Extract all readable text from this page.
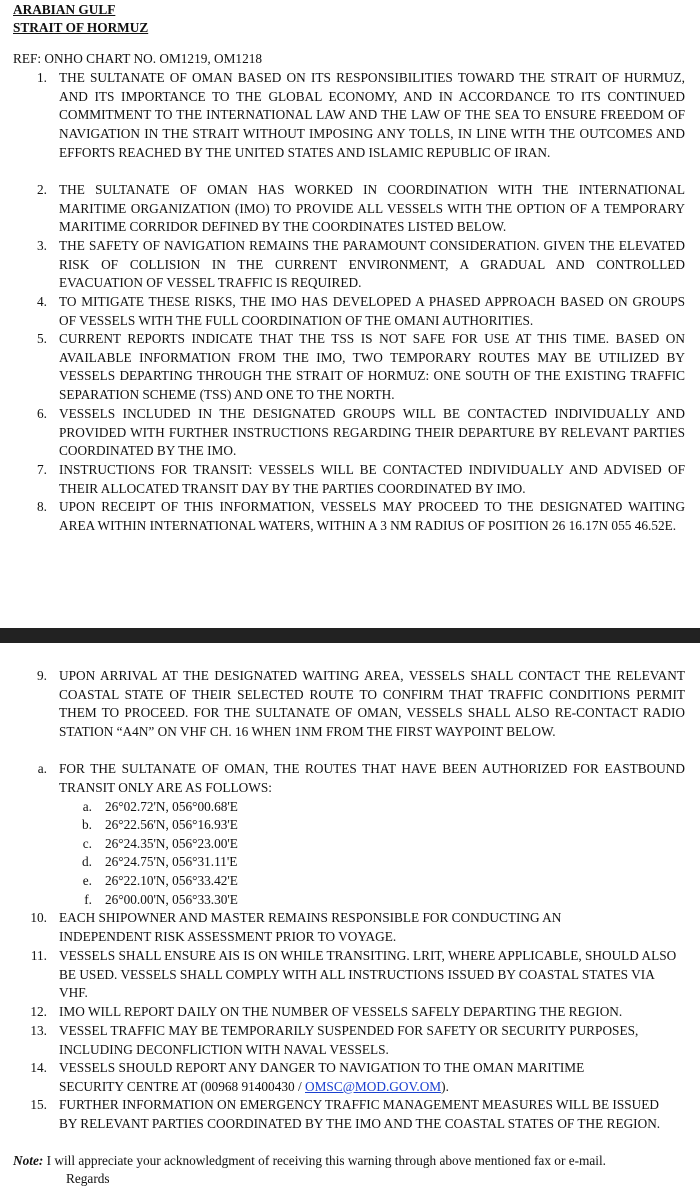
ARABIAN GULF
STRAIT OF HORMUZ
REF: ONHO CHART NO. OM1219, OM1218
1. THE SULTANATE OF OMAN BASED ON ITS RESPONSIBILITIES TOWARD THE STRAIT OF HURMUZ, AND ITS IMPORTANCE TO THE GLOBAL ECONOMY, AND IN ACCORDANCE TO ITS CONTINUED COMMITMENT TO THE INTERNATIONAL LAW AND THE LAW OF THE SEA TO ENSURE FREEDOM OF NAVIGATION IN THE STRAIT WITHOUT IMPOSING ANY TOLLS, IN LINE WITH THE OUTCOMES AND EFFORTS REACHED BY THE UNITED STATES AND ISLAMIC REPUBLIC OF IRAN.
2. THE SULTANATE OF OMAN HAS WORKED IN COORDINATION WITH THE INTERNATIONAL MARITIME ORGANIZATION (IMO) TO PROVIDE ALL VESSELS WITH THE OPTION OF A TEMPORARY MARITIME CORRIDOR DEFINED BY THE COORDINATES LISTED BELOW.
3. THE SAFETY OF NAVIGATION REMAINS THE PARAMOUNT CONSIDERATION. GIVEN THE ELEVATED RISK OF COLLISION IN THE CURRENT ENVIRONMENT, A GRADUAL AND CONTROLLED EVACUATION OF VESSEL TRAFFIC IS REQUIRED.
4. TO MITIGATE THESE RISKS, THE IMO HAS DEVELOPED A PHASED APPROACH BASED ON GROUPS OF VESSELS WITH THE FULL COORDINATION OF THE OMANI AUTHORITIES.
5. CURRENT REPORTS INDICATE THAT THE TSS IS NOT SAFE FOR USE AT THIS TIME. BASED ON AVAILABLE INFORMATION FROM THE IMO, TWO TEMPORARY ROUTES MAY BE UTILIZED BY VESSELS DEPARTING THROUGH THE STRAIT OF HORMUZ: ONE SOUTH OF THE EXISTING TRAFFIC SEPARATION SCHEME (TSS) AND ONE TO THE NORTH.
6. VESSELS INCLUDED IN THE DESIGNATED GROUPS WILL BE CONTACTED INDIVIDUALLY AND PROVIDED WITH FURTHER INSTRUCTIONS REGARDING THEIR DEPARTURE BY RELEVANT PARTIES COORDINATED BY THE IMO.
7. INSTRUCTIONS FOR TRANSIT: VESSELS WILL BE CONTACTED INDIVIDUALLY AND ADVISED OF THEIR ALLOCATED TRANSIT DAY BY THE PARTIES COORDINATED BY IMO.
8. UPON RECEIPT OF THIS INFORMATION, VESSELS MAY PROCEED TO THE DESIGNATED WAITING AREA WITHIN INTERNATIONAL WATERS, WITHIN A 3 NM RADIUS OF POSITION 26 16.17N 055 46.52E.
9. UPON ARRIVAL AT THE DESIGNATED WAITING AREA, VESSELS SHALL CONTACT THE RELEVANT COASTAL STATE OF THEIR SELECTED ROUTE TO CONFIRM THAT TRAFFIC CONDITIONS PERMIT THEM TO PROCEED. FOR THE SULTANATE OF OMAN, VESSELS SHALL ALSO RE-CONTACT RADIO STATION “A4N” ON VHF CH. 16 WHEN 1NM FROM THE FIRST WAYPOINT BELOW.
a. FOR THE SULTANATE OF OMAN, THE ROUTES THAT HAVE BEEN AUTHORIZED FOR EASTBOUND TRANSIT ONLY ARE AS FOLLOWS:
a. 26°02.72'N, 056°00.68'E
b. 26°22.56'N, 056°16.93'E
c. 26°24.35'N, 056°23.00'E
d. 26°24.75'N, 056°31.11'E
e. 26°22.10'N, 056°33.42'E
f. 26°00.00'N, 056°33.30'E
10. EACH SHIPOWNER AND MASTER REMAINS RESPONSIBLE FOR CONDUCTING AN INDEPENDENT RISK ASSESSMENT PRIOR TO VOYAGE.
11. VESSELS SHALL ENSURE AIS IS ON WHILE TRANSITING. LRIT, WHERE APPLICABLE, SHOULD ALSO BE USED. VESSELS SHALL COMPLY WITH ALL INSTRUCTIONS ISSUED BY COASTAL STATES VIA VHF.
12. IMO WILL REPORT DAILY ON THE NUMBER OF VESSELS SAFELY DEPARTING THE REGION.
13. VESSEL TRAFFIC MAY BE TEMPORARILY SUSPENDED FOR SAFETY OR SECURITY PURPOSES, INCLUDING DECONFLICTION WITH NAVAL VESSELS.
14. VESSELS SHOULD REPORT ANY DANGER TO NAVIGATION TO THE OMAN MARITIME SECURITY CENTRE AT (00968 91400430 / OMSC@MOD.GOV.OM).
15. FURTHER INFORMATION ON EMERGENCY TRAFFIC MANAGEMENT MEASURES WILL BE ISSUED BY RELEVANT PARTIES COORDINATED BY THE IMO AND THE COASTAL STATES OF THE REGION.
Note: I will appreciate your acknowledgment of receiving this warning through above mentioned fax or e-mail.
Regards
